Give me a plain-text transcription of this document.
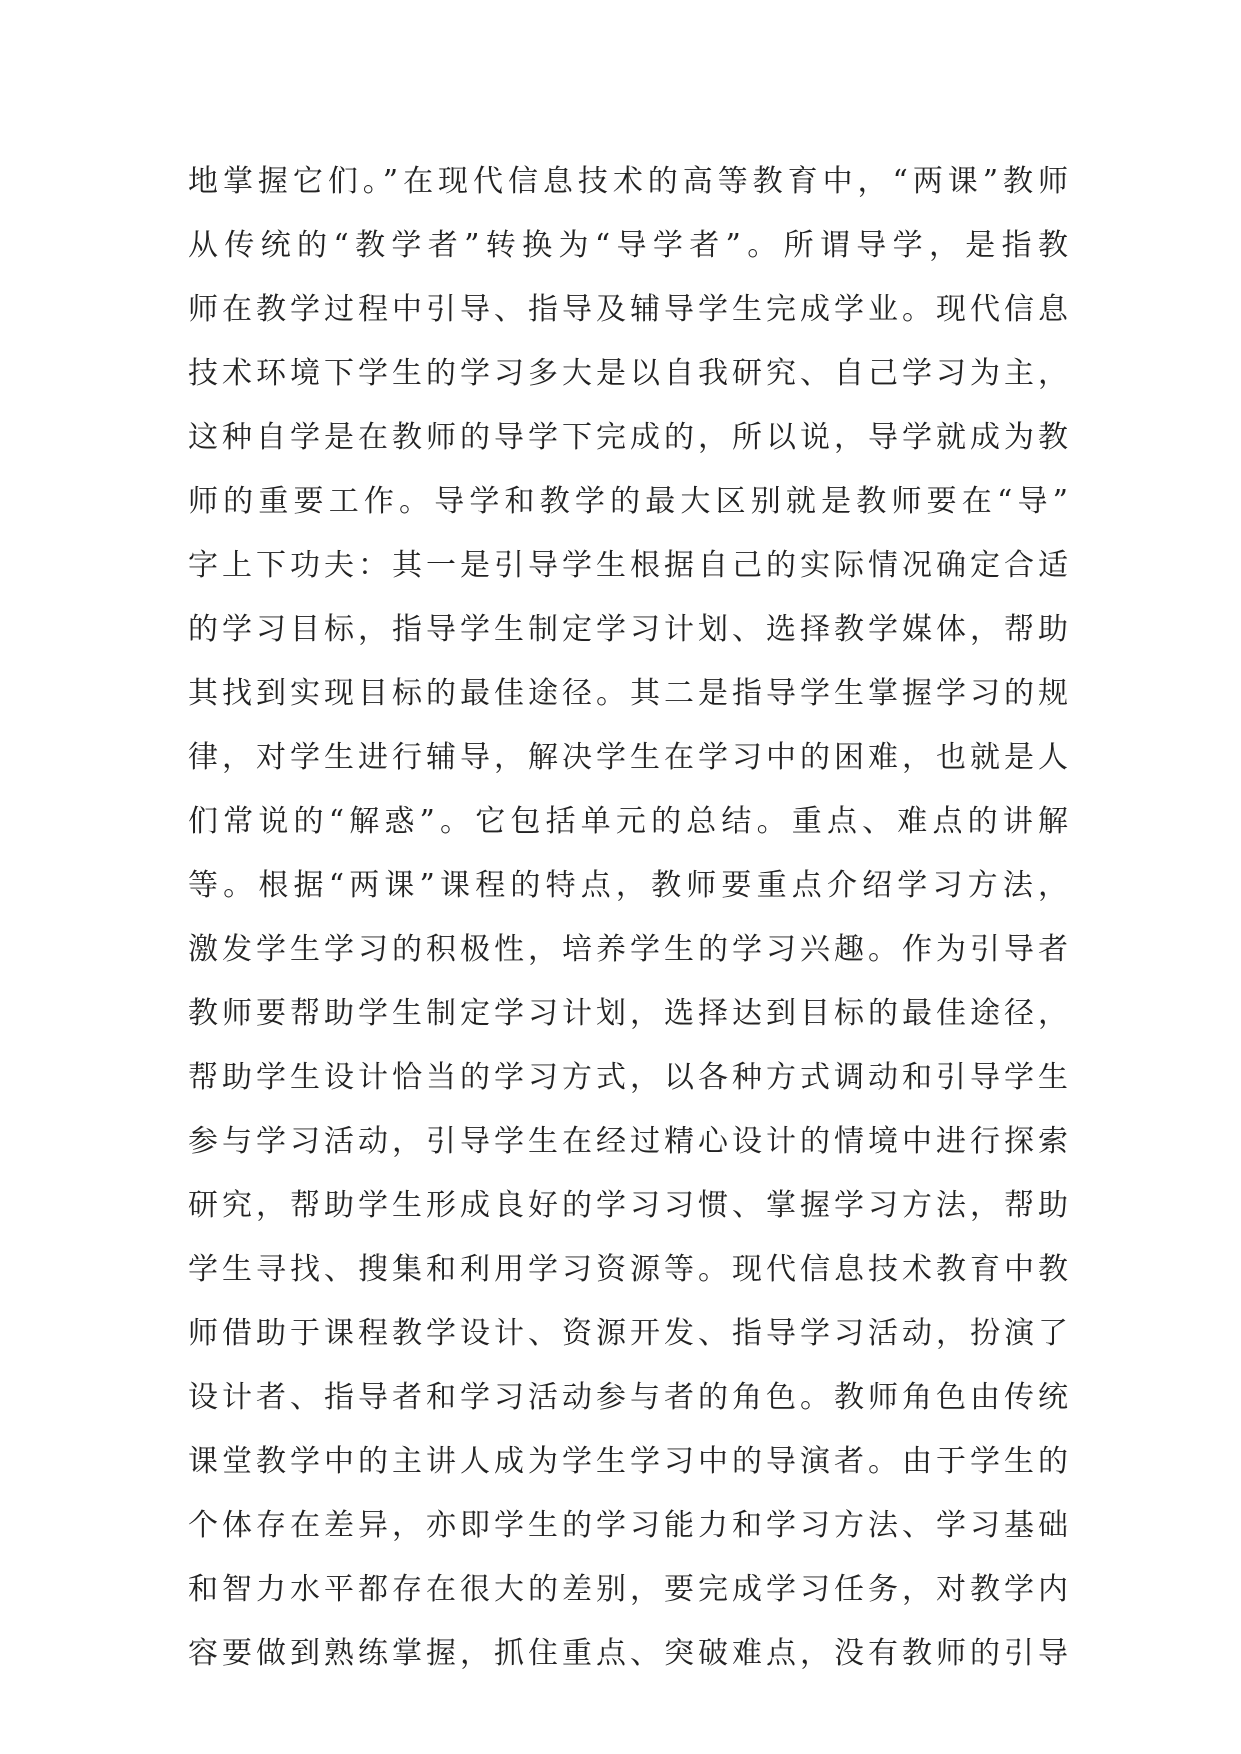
地掌握它们。”在现代信息技术的高等教育中，“两课”教师
从传统的“教学者”转换为“导学者”。所谓导学，是指教
师在教学过程中引导、指导及辅导学生完成学业。现代信息
技术环境下学生的学习多大是以自我研究、自己学习为主，
这种自学是在教师的导学下完成的，所以说，导学就成为教
师的重要工作。导学和教学的最大区别就是教师要在“导”
字上下功夫：其一是引导学生根据自己的实际情况确定合适
的学习目标，指导学生制定学习计划、选择教学媒体，帮助
其找到实现目标的最佳途径。其二是指导学生掌握学习的规
律，对学生进行辅导，解决学生在学习中的困难，也就是人
们常说的“解惑”。它包括单元的总结。重点、难点的讲解
等。根据“两课”课程的特点，教师要重点介绍学习方法，
激发学生学习的积极性，培养学生的学习兴趣。作为引导者
教师要帮助学生制定学习计划，选择达到目标的最佳途径，
帮助学生设计恰当的学习方式，以各种方式调动和引导学生
参与学习活动，引导学生在经过精心设计的情境中进行探索
研究，帮助学生形成良好的学习习惯、掌握学习方法，帮助
学生寻找、搜集和利用学习资源等。现代信息技术教育中教
师借助于课程教学设计、资源开发、指导学习活动，扮演了
设计者、指导者和学习活动参与者的角色。教师角色由传统
课堂教学中的主讲人成为学生学习中的导演者。由于学生的
个体存在差异，亦即学生的学习能力和学习方法、学习基础
和智力水平都存在很大的差别，要完成学习任务，对教学内
容要做到熟练掌握，抓住重点、突破难点，没有教师的引导
